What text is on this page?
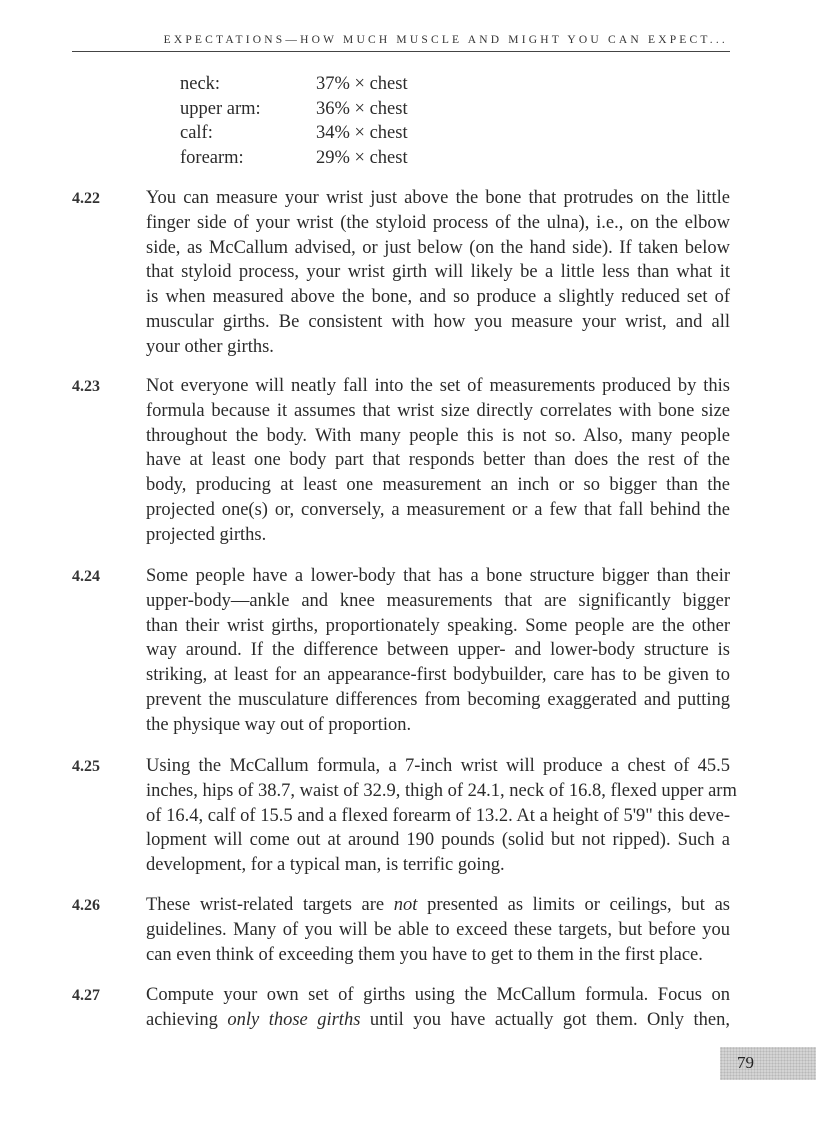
EXPECTATIONS—HOW MUCH MUSCLE AND MIGHT YOU CAN EXPECT...
neck:	37% × chest
upper arm:	36% × chest
calf:	34% × chest
forearm:	29% × chest
4.22	You can measure your wrist just above the bone that protrudes on the little
finger side of your wrist (the styloid process of the ulna), i.e., on the elbow
side, as McCallum advised, or just below (on the hand side). If taken below
that styloid process, your wrist girth will likely be a little less than what it
is when measured above the bone, and so produce a slightly reduced set of
muscular girths. Be consistent with how you measure your wrist, and all
your other girths.
4.23	Not everyone will neatly fall into the set of measurements produced by this
formula because it assumes that wrist size directly correlates with bone size
throughout the body. With many people this is not so. Also, many people
have at least one body part that responds better than does the rest of the
body, producing at least one measurement an inch or so bigger than the
projected one(s) or, conversely, a measurement or a few that fall behind the
projected girths.
4.24	Some people have a lower-body that has a bone structure bigger than their
upper-body—ankle and knee measurements that are significantly bigger
than their wrist girths, proportionately speaking. Some people are the other
way around. If the difference between upper- and lower-body structure is
striking, at least for an appearance-first bodybuilder, care has to be given to
prevent the musculature differences from becoming exaggerated and putting
the physique way out of proportion.
4.25	Using the McCallum formula, a 7-inch wrist will produce a chest of 45.5
inches, hips of 38.7, waist of 32.9, thigh of 24.1, neck of 16.8, flexed upper arm
of 16.4, calf of 15.5 and a flexed forearm of 13.2. At a height of 5'9" this deve-
lopment will come out at around 190 pounds (solid but not ripped). Such a
development, for a typical man, is terrific going.
4.26	These wrist-related targets are not presented as limits or ceilings, but as
guidelines. Many of you will be able to exceed these targets, but before you
can even think of exceeding them you have to get to them in the first place.
4.27	Compute your own set of girths using the McCallum formula. Focus on
achieving only those girths until you have actually got them. Only then,
79
